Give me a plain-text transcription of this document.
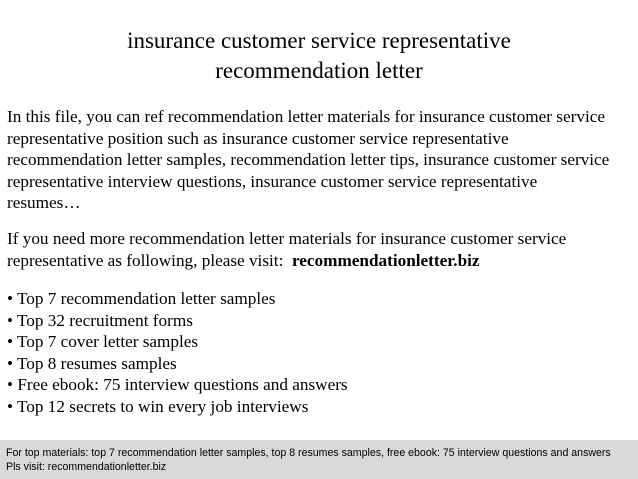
insurance customer service representative
recommendation letter
In this file, you can ref recommendation letter materials for insurance customer service
representative position such as insurance customer service representative
recommendation letter samples, recommendation letter tips, insurance customer service
representative interview questions, insurance customer service representative
resumes…
If you need more recommendation letter materials for insurance customer service
representative as following, please visit:  recommendationletter.biz
• Top 7 recommendation letter samples
• Top 32 recruitment forms
• Top 7 cover letter samples
• Top 8 resumes samples
• Free ebook: 75 interview questions and answers
• Top 12 secrets to win every job interviews
For top materials: top 7 recommendation letter samples, top 8 resumes samples, free ebook: 75 interview questions and answers
Pls visit: recommendationletter.biz
